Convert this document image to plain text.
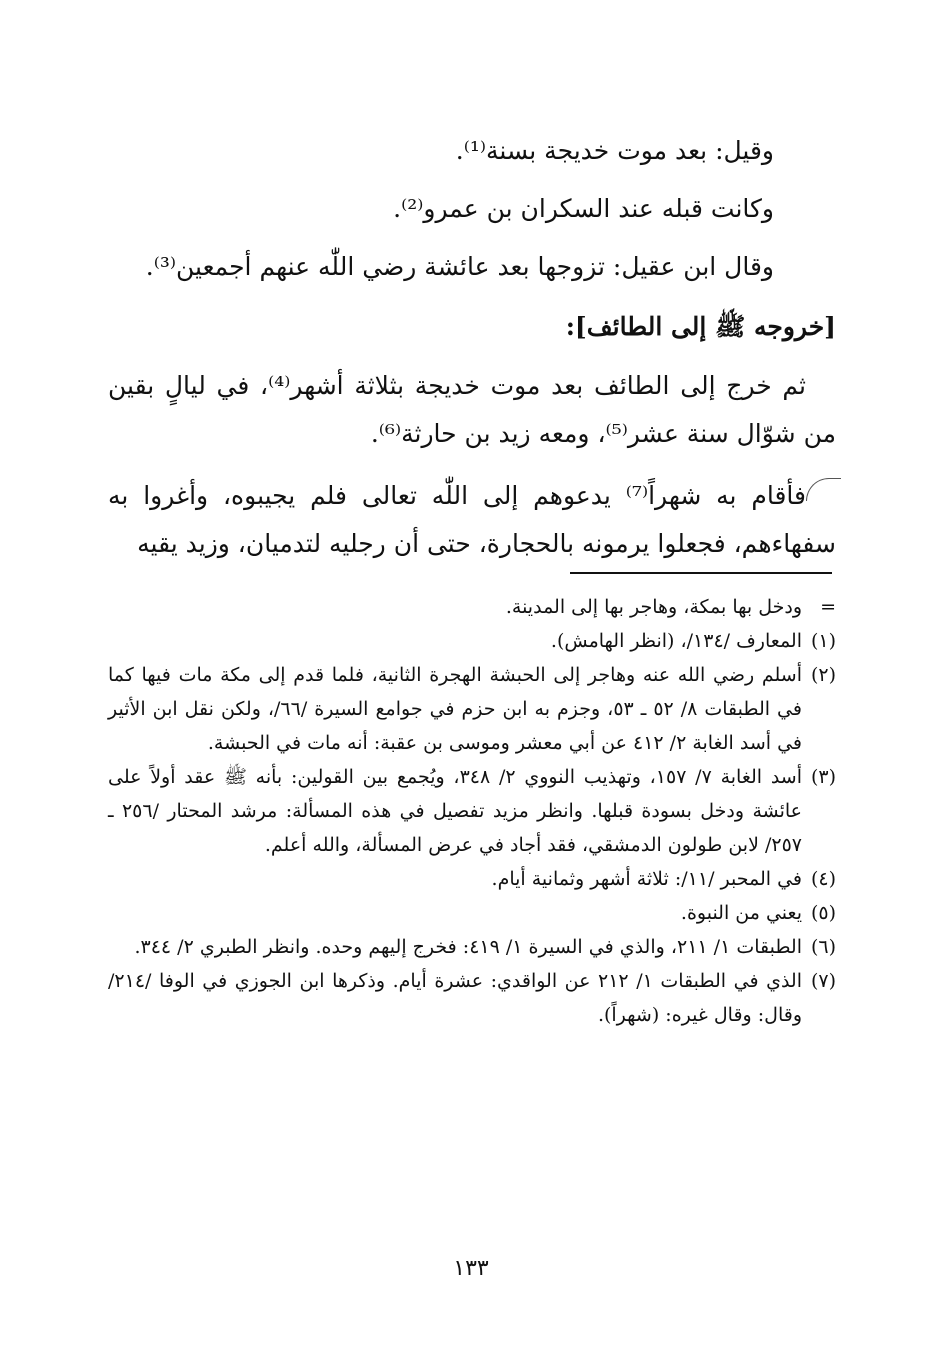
وقيل: بعد موت خديجة بسنة⁽¹⁾.

وكانت قبله عند السكران بن عمرو⁽²⁾.

وقال ابن عقيل: تزوجها بعد عائشة رضي اللّٰه عنهم أجمعين⁽³⁾.

[خروجه ﷺ إلى الطائف]:

ثم خرج إلى الطائف بعد موت خديجة بثلاثة أشهر⁽⁴⁾، في ليالٍ بقين من شوّال سنة عشر⁽⁵⁾، ومعه زيد بن حارثة⁽⁶⁾.

فأقام به شهراً⁽⁷⁾ يدعوهم إلى اللّٰه تعالى فلم يجيبوه، وأغروا به سفهاءهم، فجعلوا يرمونه بالحجارة، حتى أن رجليه لتدميان، وزيد يقيه

=ودخل بها بمكة، وهاجر بها إلى المدينة.

(١)المعارف /١٣٤/، (انظر الهامش).

(٢)أسلم رضي الله عنه وهاجر إلى الحبشة الهجرة الثانية، فلما قدم إلى مكة مات فيها كما في الطبقات ٨/ ٥٢ ـ ٥٣، وجزم به ابن حزم في جوامع السيرة /٦٦/، ولكن نقل ابن الأثير في أسد الغابة ٢/ ٤١٢ عن أبي معشر وموسى بن عقبة: أنه مات في الحبشة.

(٣)أسد الغابة ٧/ ١٥٧، وتهذيب النووي ٢/ ٣٤٨، ويُجمع بين القولين: بأنه ﷺ عقد أولاً على عائشة ودخل بسودة قبلها. وانظر مزيد تفصيل في هذه المسألة: مرشد المحتار /٢٥٦ ـ ٢٥٧/ لابن طولون الدمشقي، فقد أجاد في عرض المسألة، والله أعلم.

(٤)في المحبر /١١/: ثلاثة أشهر وثمانية أيام.

(٥)يعني من النبوة.

(٦)الطبقات ١/ ٢١١، والذي في السيرة ١/ ٤١٩: فخرج إليهم وحده. وانظر الطبري ٢/ ٣٤٤.

(٧)الذي في الطبقات ١/ ٢١٢ عن الواقدي: عشرة أيام. وذكرها ابن الجوزي في الوفا /٢١٤/ وقال: وقال غيره: (شهراً).

١٣٣
